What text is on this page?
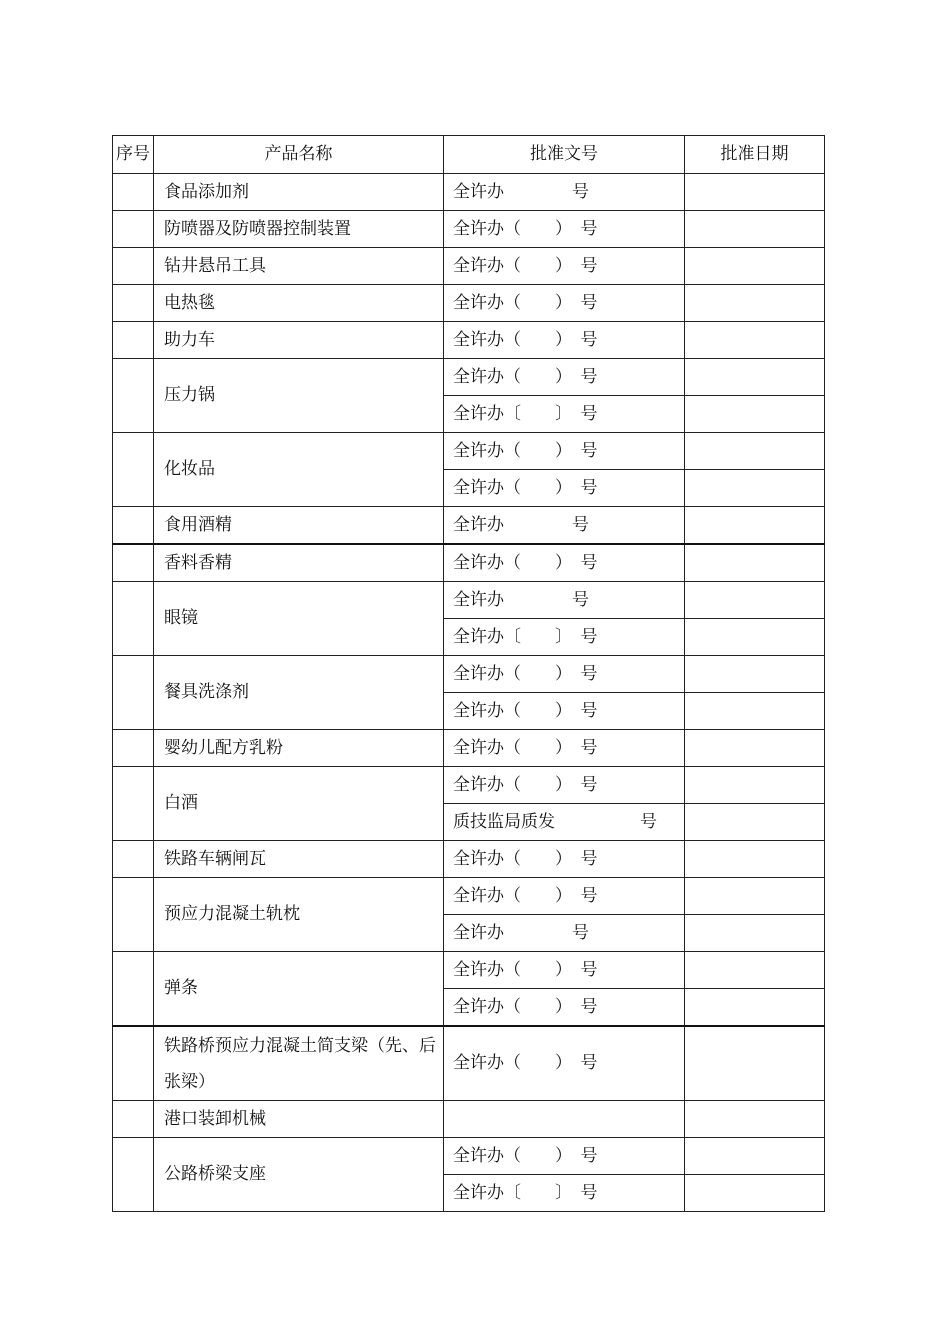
序号	产品名称	批准文号	批准日期
	食品添加剂	全许办　　　　号	
	防喷器及防喷器控制装置	全许办（　　）　号	
	钻井悬吊工具	全许办（　　）　号	
	电热毯	全许办（　　）　号	
	助力车	全许办（　　）　号	
	压力锅	全许办（　　）　号	
		全许办〔　　〕　号	
	化妆品	全许办（　　）　号	
		全许办（　　）　号	
	食用酒精	全许办　　　　号	
	香料香精	全许办（　　）　号	
	眼镜	全许办　　　　号	
		全许办〔　　〕　号	
	餐具洗涤剂	全许办（　　）　号	
		全许办（　　）　号	
	婴幼儿配方乳粉	全许办（　　）　号	
	白酒	全许办（　　）　号	
		质技监局质发　　　　　号	
	铁路车辆闸瓦	全许办（　　）　号	
	预应力混凝土轨枕	全许办（　　）　号	
		全许办　　　　号	
	弹条	全许办（　　）　号	
		全许办（　　）　号	
	铁路桥预应力混凝土简支梁（先、后张梁）	全许办（　　）　号	
	港口装卸机械		
	公路桥梁支座	全许办（　　）　号	
		全许办〔　　〕　号	
